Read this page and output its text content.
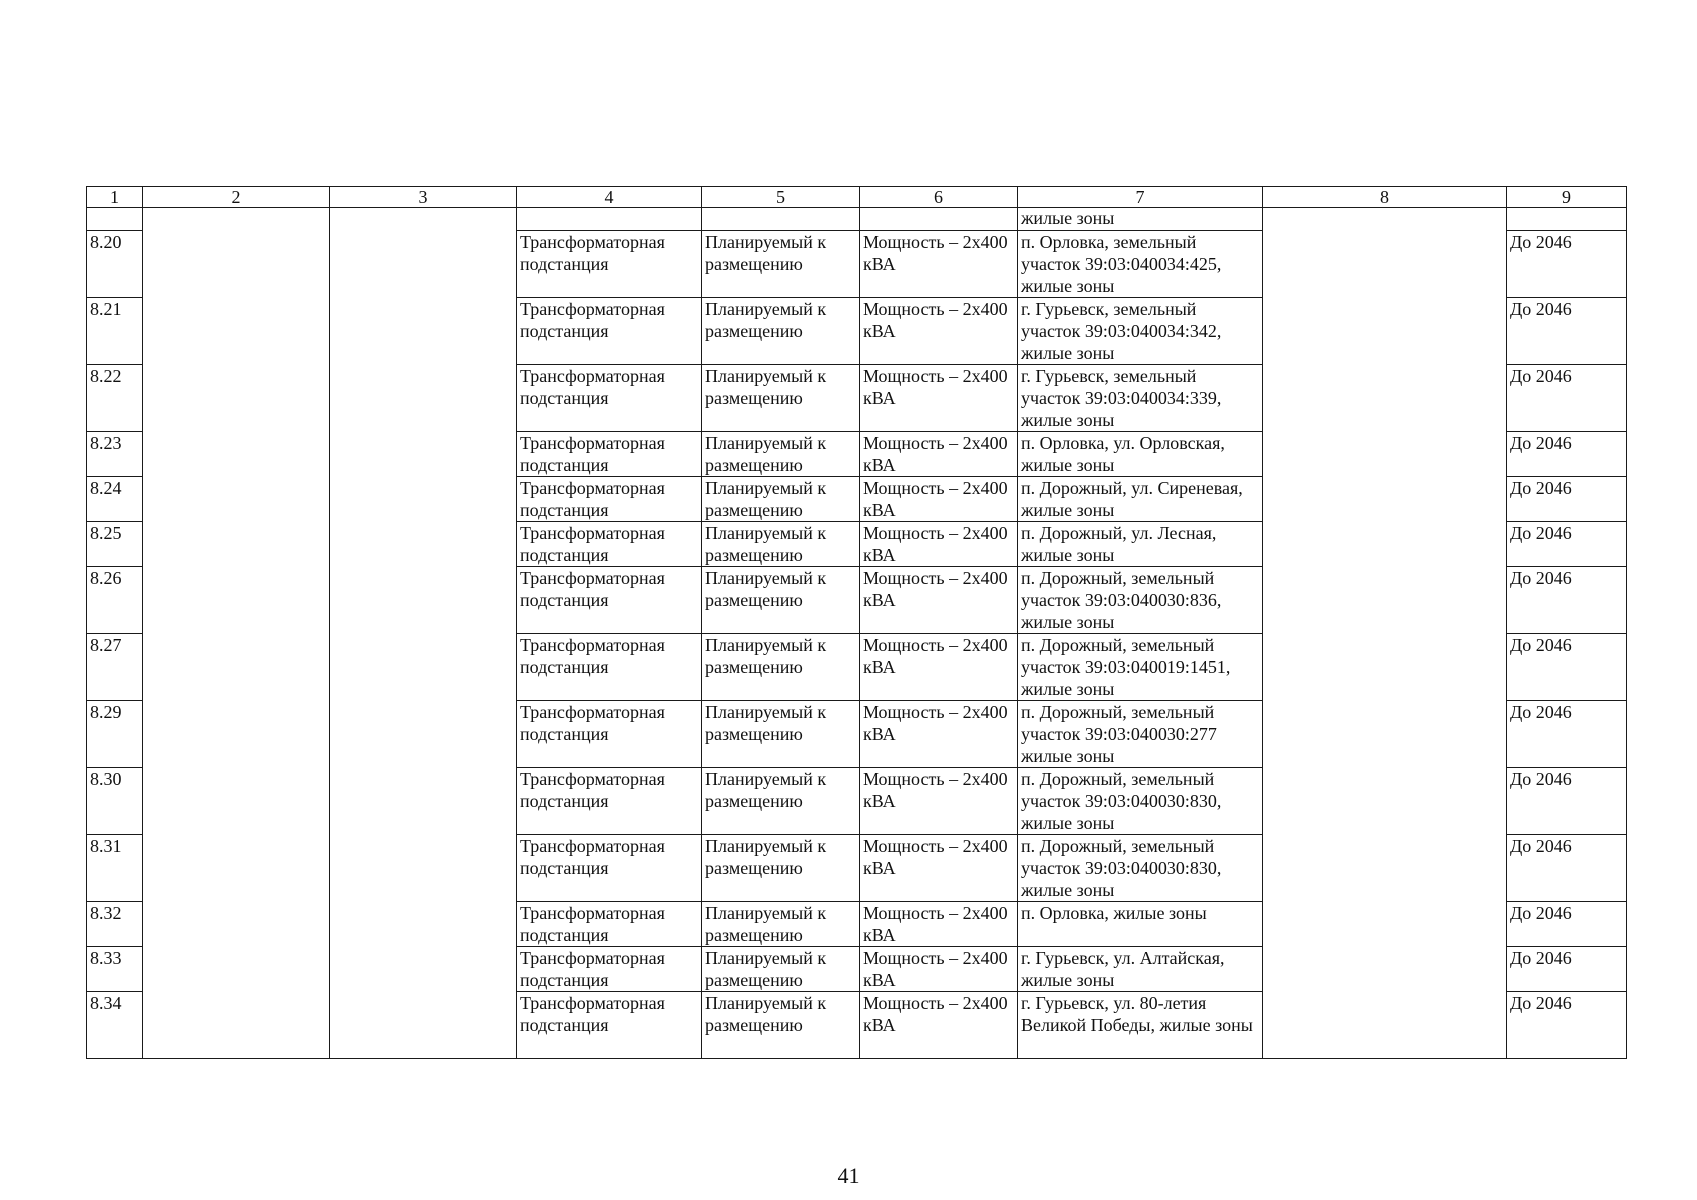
1	2	3	4	5	6	7	8	9
						жилые зоны		
8.20			Трансформаторная подстанция	Планируемый к размещению	Мощность – 2х400 кВА	п. Орловка, земельный участок 39:03:040034:425, жилые зоны		До 2046
8.21			Трансформаторная подстанция	Планируемый к размещению	Мощность – 2х400 кВА	г. Гурьевск, земельный участок 39:03:040034:342, жилые зоны		До 2046
8.22			Трансформаторная подстанция	Планируемый к размещению	Мощность – 2х400 кВА	г. Гурьевск, земельный участок 39:03:040034:339, жилые зоны		До 2046
8.23			Трансформаторная подстанция	Планируемый к размещению	Мощность – 2х400 кВА	п. Орловка, ул. Орловская, жилые зоны		До 2046
8.24			Трансформаторная подстанция	Планируемый к размещению	Мощность – 2х400 кВА	п. Дорожный, ул. Сиреневая, жилые зоны		До 2046
8.25			Трансформаторная подстанция	Планируемый к размещению	Мощность – 2х400 кВА	п. Дорожный, ул. Лесная, жилые зоны		До 2046
8.26			Трансформаторная подстанция	Планируемый к размещению	Мощность – 2х400 кВА	п. Дорожный, земельный участок 39:03:040030:836, жилые зоны		До 2046
8.27			Трансформаторная подстанция	Планируемый к размещению	Мощность – 2х400 кВА	п. Дорожный, земельный участок 39:03:040019:1451, жилые зоны		До 2046
8.29			Трансформаторная подстанция	Планируемый к размещению	Мощность – 2х400 кВА	п. Дорожный, земельный участок 39:03:040030:277 жилые зоны		До 2046
8.30			Трансформаторная подстанция	Планируемый к размещению	Мощность – 2х400 кВА	п. Дорожный, земельный участок 39:03:040030:830, жилые зоны		До 2046
8.31			Трансформаторная подстанция	Планируемый к размещению	Мощность – 2х400 кВА	п. Дорожный, земельный участок 39:03:040030:830, жилые зоны		До 2046
8.32			Трансформаторная подстанция	Планируемый к размещению	Мощность – 2х400 кВА	п. Орловка, жилые зоны		До 2046
8.33			Трансформаторная подстанция	Планируемый к размещению	Мощность – 2х400 кВА	г. Гурьевск, ул. Алтайская, жилые зоны		До 2046
8.34			Трансформаторная подстанция	Планируемый к размещению	Мощность – 2х400 кВА	г. Гурьевск, ул. 80-летия Великой Победы, жилые зоны		До 2046
41
